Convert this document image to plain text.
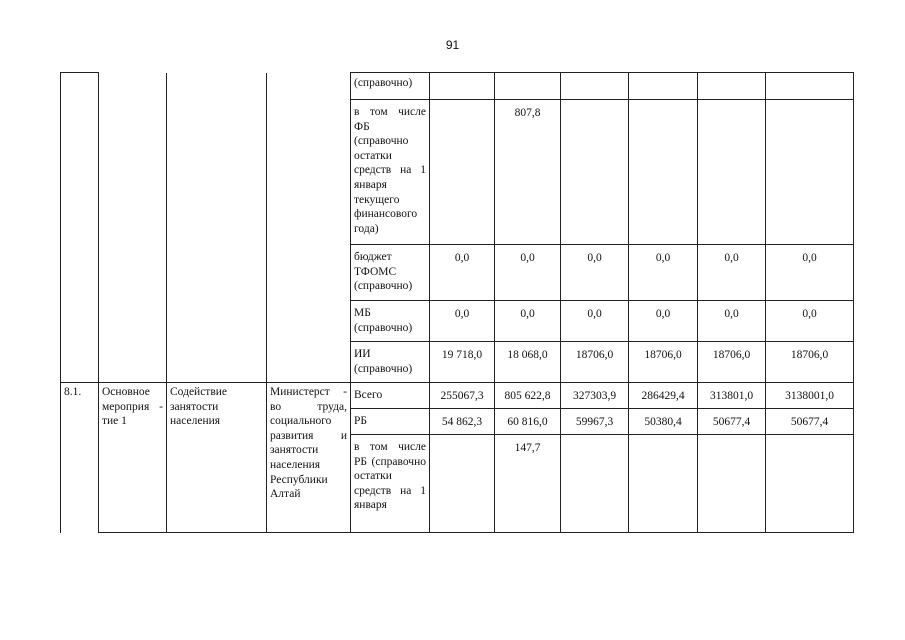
91
				(справочно)						
				в том числе ФБ (справочно остатки средств на 1 января текущего финансового года)		807,8				
				бюджет ТФОМС (справочно)	0,0	0,0	0,0	0,0	0,0	0,0
				МБ (справочно)	0,0	0,0	0,0	0,0	0,0	0,0
				ИИ (справочно)	19 718,0	18 068,0	18706,0	18706,0	18706,0	18706,0
8.1.	Основное мероприя - тие 1	Содействие занятости населения	Министерст - во труда, социального развития и занятости населения Республики Алтай	Всего	255067,3	805 622,8	327303,9	286429,4	313801,0	3138001,0
				РБ	54 862,3	60 816,0	59967,3	50380,4	50677,4	50677,4
				в том числе РБ (справочно остатки средств на 1 января		147,7				
